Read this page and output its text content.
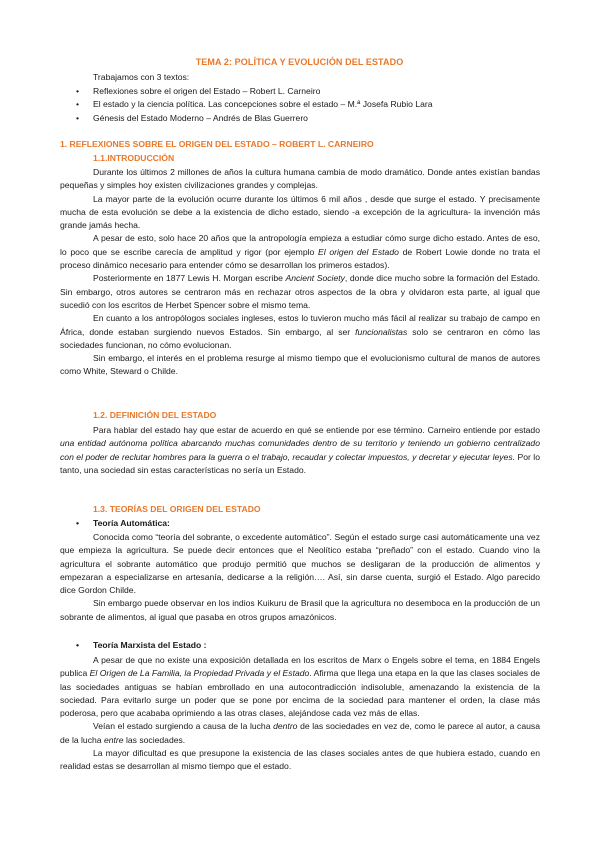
TEMA 2: POLÍTICA Y EVOLUCIÓN DEL ESTADO
Trabajamos con 3 textos:
• Reflexiones sobre el origen del Estado – Robert L. Carneiro
• El estado y la ciencia política. Las concepciones sobre el estado – M.ª Josefa Rubio Lara
• Génesis del Estado Moderno – Andrés de Blas Guerrero
1. REFLEXIONES SOBRE EL ORIGEN DEL ESTADO – ROBERT L. CARNEIRO
1.1.INTRODUCCIÓN

Durante los últimos 2 millones de años la cultura humana cambia de modo dramático. Donde antes existían bandas pequeñas y simples hoy existen civilizaciones grandes y complejas.

La mayor parte de la evolución ocurre durante los últimos 6 mil años , desde que surge el estado. Y precisamente mucha de esta evolución se debe a la existencia de dicho estado, siendo -a excepción de la agricultura- la invención más grande jamás hecha.

A pesar de esto, solo hace 20 años que la antropología empieza a estudiar cómo surge dicho estado. Antes de eso, lo poco que se escribe carecía de amplitud y rigor (por ejemplo El origen del Estado de Robert Lowie donde no trata el proceso dinámico necesario para entender cómo se desarrollan los primeros estados).

Posteriormente en 1877 Lewis H. Morgan escribe Ancient Society, donde dice mucho sobre la formación del Estado. Sin embargo, otros autores se centraron más en rechazar otros aspectos de la obra y olvidaron esta parte, al igual que sucedió con los escritos de Herbet Spencer sobre el mismo tema.

En cuanto a los antropólogos sociales ingleses, estos lo tuvieron mucho más fácil al realizar su trabajo de campo en África, donde estaban surgiendo nuevos Estados. Sin embargo, al ser funcionalistas solo se centraron en cómo las sociedades funcionan, no cómo evolucionan.

Sin embargo, el interés en el problema resurge al mismo tiempo que el evolucionismo cultural de manos de autores como White, Steward o Childe.

1.2. DEFINICIÓN DEL ESTADO

Para hablar del estado hay que estar de acuerdo en qué se entiende por ese término. Carneiro entiende por estado una entidad autónoma política abarcando muchas comunidades dentro de su territorio y teniendo un gobierno centralizado con el poder de reclutar hombres para la guerra o el trabajo, recaudar y colectar impuestos, y decretar y ejecutar leyes. Por lo tanto, una sociedad sin estas características no sería un Estado.

1.3. TEORÍAS DEL ORIGEN DEL ESTADO
• Teoría Automática:

Conocida como “teoría del sobrante, o excedente automático”. Según el estado surge casi automáticamente una vez que empieza la agricultura. Se puede decir entonces que el Neolítico estaba “preñado” con el estado. Cuando vino la agricultura el sobrante automático que produjo permitió que muchos se desligaran de la producción de alimentos y empezaran a especializarse en artesanía, dedicarse a la religión…. Así, sin darse cuenta, surgió el Estado. Algo parecido dice Gordon Childe.

Sin embargo puede observar en los indios Kuikuru de Brasil que la agricultura no desemboca en la producción de un sobrante de alimentos, al igual que pasaba en otros grupos amazónicos.

• Teoría Marxista del Estado :

A pesar de que no existe una exposición detallada en los escritos de Marx o Engels sobre el tema, en 1884 Engels publica El Origen de La Familia, la Propiedad Privada y el Estado. Afirma que llega una etapa en la que las clases sociales de las sociedades antiguas se habían embrollado en una autocontradicción indisoluble, amenazando la existencia de la sociedad. Para evitarlo surge un poder que se pone por encima de la sociedad para mantener el orden, la clase más poderosa, pero que acababa oprimiendo a las otras clases, alejándose cada vez más de ellas.

Veían el estado surgiendo a causa de la lucha dentro de las sociedades en vez de, como le parece al autor, a causa de la lucha entre las sociedades.

La mayor dificultad es que presupone la existencia de las clases sociales antes de que hubiera estado, cuando en realidad estas se desarrollan al mismo tiempo que el estado.
